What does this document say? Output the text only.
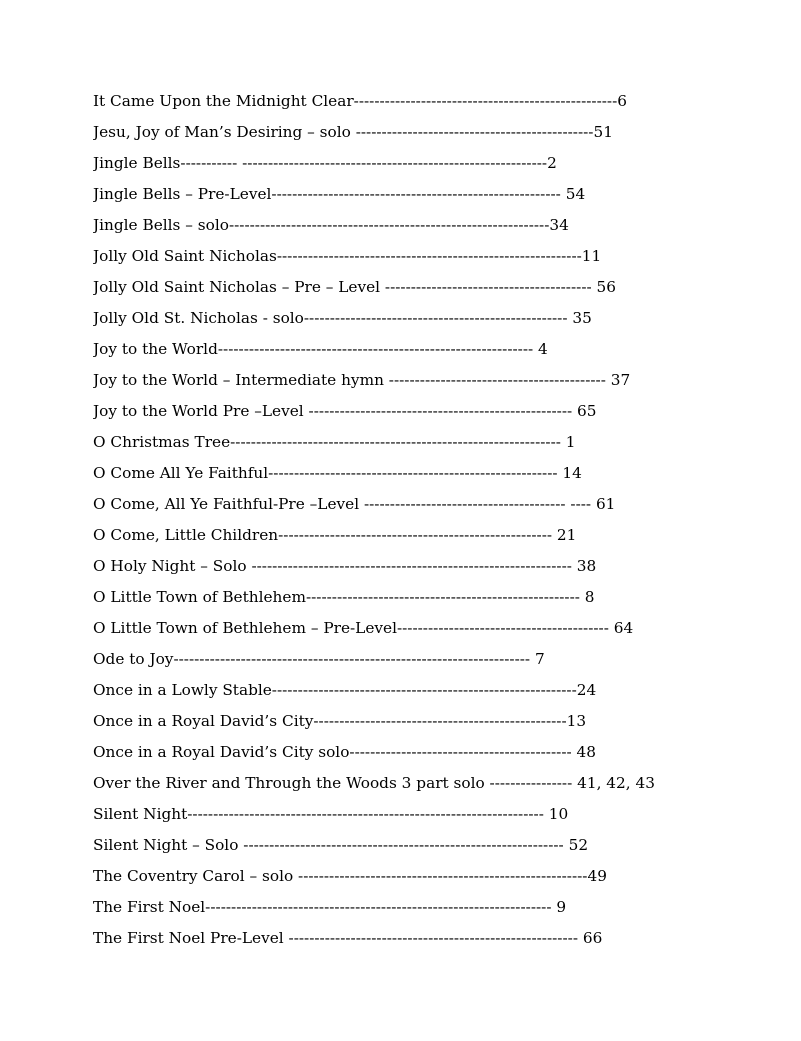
It Came Upon the Midnight Clear---------------------------------------------------6
Jesu, Joy of Man’s Desiring – solo ----------------------------------------------51
Jingle Bells----------- -----------------------------------------------------------2
Jingle Bells – Pre-Level-------------------------------------------------------- 54
Jingle Bells – solo--------------------------------------------------------------34
Jolly Old Saint Nicholas-----------------------------------------------------------11
Jolly Old Saint Nicholas – Pre – Level ---------------------------------------- 56
Jolly Old St. Nicholas - solo--------------------------------------------------- 35
Joy to the World------------------------------------------------------------- 4
Joy to the World – Intermediate hymn ------------------------------------------ 37
Joy to the World Pre –Level --------------------------------------------------- 65
O Christmas Tree---------------------------------------------------------------- 1
O Come All Ye Faithful-------------------------------------------------------- 14
O Come, All Ye Faithful-Pre –Level --------------------------------------- ---- 61
O Come, Little Children----------------------------------------------------- 21
O Holy Night – Solo -------------------------------------------------------------- 38
O Little Town of Bethlehem----------------------------------------------------- 8
O Little Town of Bethlehem – Pre-Level----------------------------------------- 64
Ode to Joy--------------------------------------------------------------------- 7
Once in a Lowly Stable-----------------------------------------------------------24
Once in a Royal David’s City-------------------------------------------------13
Once in a Royal David’s City solo------------------------------------------- 48
Over the River and Through the Woods 3 part solo ---------------- 41, 42, 43
Silent Night--------------------------------------------------------------------- 10
Silent Night – Solo -------------------------------------------------------------- 52
The Coventry Carol – solo --------------------------------------------------------49
The First Noel------------------------------------------------------------------- 9
The First Noel Pre-Level -------------------------------------------------------- 66
